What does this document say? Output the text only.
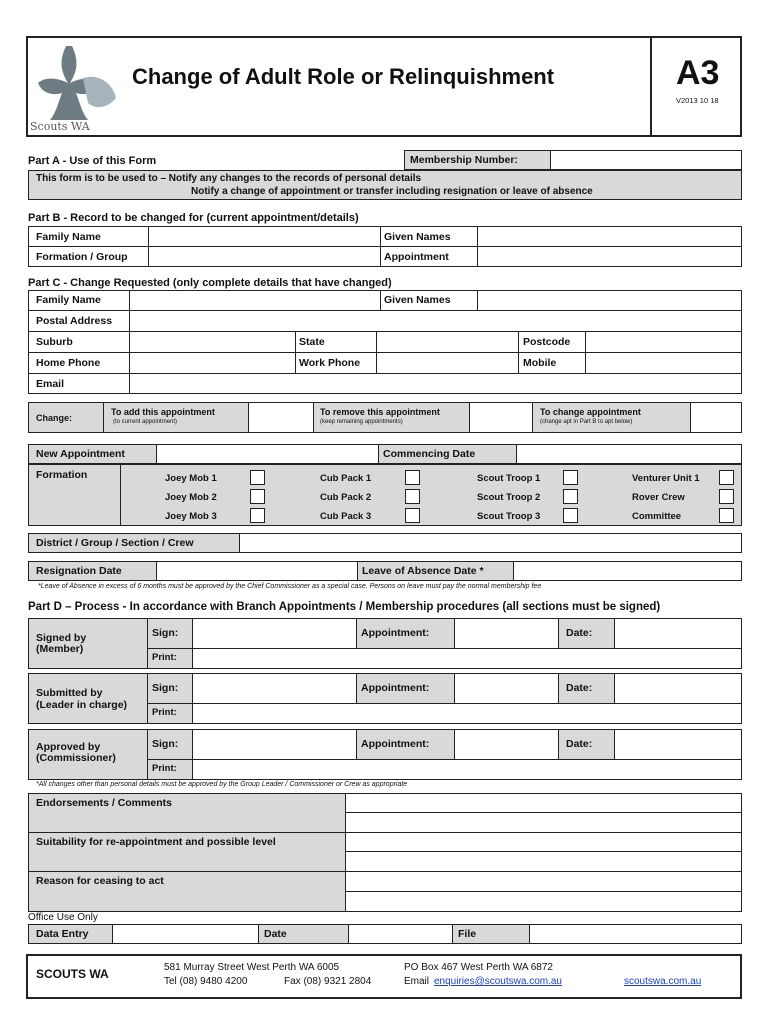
Scouts WA
Change of Adult Role or Relinquishment	A3
V2013 10 18
Part A - Use of this Form	Membership Number:
This form is to be used to – Notify any changes to the records of personal details
Notify a change of appointment or transfer including resignation or leave of absence
Part B - Record to be changed for (current appointment/details)
Family Name	Given Names
Formation / Group	Appointment
Part C - Change Requested (only complete details that have changed)
Family Name	Given Names
Postal Address
Suburb	State	Postcode
Home Phone	Work Phone	Mobile
Email
Change:
To add this appointment
(to current appointment)
To remove this appointment
(keep remaining appointments)
To change appointment
(change apt in Part B to apt below)
New Appointment	Commencing Date
Formation	Joey Mob 1	Cub Pack 1	Scout Troop 1	Venturer Unit 1
Joey Mob 2	Cub Pack 2	Scout Troop 2	Rover Crew
Joey Mob 3	Cub Pack 3	Scout Troop 3	Committee
District / Group / Section / Crew
Resignation Date	Leave of Absence Date *
*Leave of Absence in excess of 6 months must be approved by the Chief Commissioner as a special case. Persons on leave must pay the normal membership fee
Part D – Process - In accordance with Branch Appointments / Membership procedures (all sections must be signed)
Signed by
(Member)
Sign:	Appointment:	Date:
Print:
Submitted by
(Leader in charge)
Sign:	Appointment:	Date:
Print:
Approved by
(Commissioner)
Sign:	Appointment:	Date:
Print:
*All changes other than personal details must be approved by the Group Leader / Commissioner or Crew as appropriate
Endorsements / Comments
Suitability for re-appointment and possible level
Reason for ceasing to act
Office Use Only
Data Entry	Date	File
SCOUTS WA	581 Murray Street West Perth WA 6005
Tel (08) 9480 4200	Fax (08) 9321 2804
PO Box 467 West Perth WA 6872
Email enquiries@scoutswa.com.au	scoutswa.com.au
